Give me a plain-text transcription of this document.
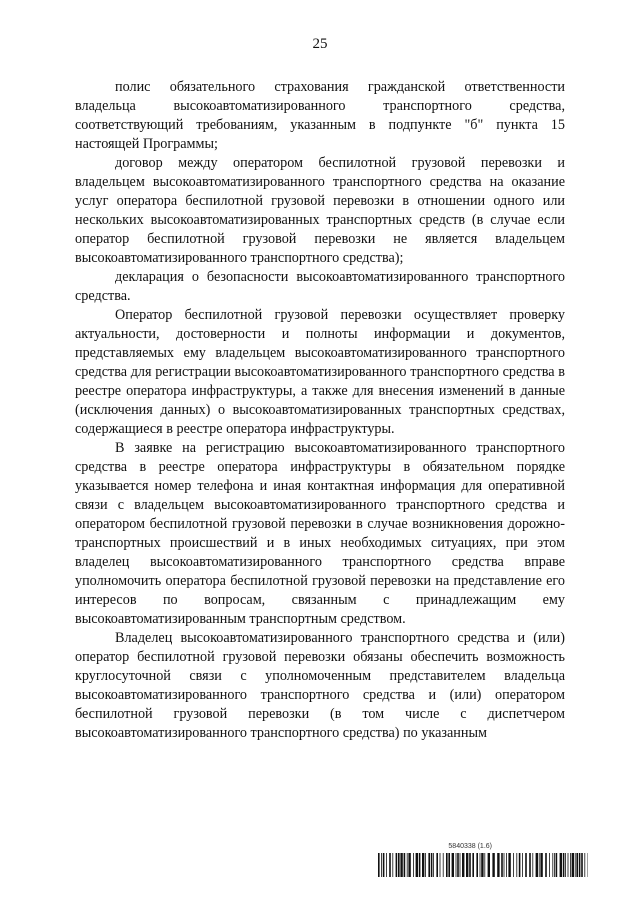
25

полис обязательного страхования гражданской ответственности владельца высокоавтоматизированного транспортного средства, соответствующий требованиям, указанным в подпункте "б" пункта 15 настоящей Программы;

договор между оператором беспилотной грузовой перевозки и владельцем высокоавтоматизированного транспортного средства на оказание услуг оператора беспилотной грузовой перевозки в отношении одного или нескольких высокоавтоматизированных транспортных средств (в случае если оператор беспилотной грузовой перевозки не является владельцем высокоавтоматизированного транспортного средства);

декларация о безопасности высокоавтоматизированного транспортного средства.

Оператор беспилотной грузовой перевозки осуществляет проверку актуальности, достоверности и полноты информации и документов, представляемых ему владельцем высокоавтоматизированного транспортного средства для регистрации высокоавтоматизированного транспортного средства в реестре оператора инфраструктуры, а также для внесения изменений в данные (исключения данных) о высокоавтоматизированных транспортных средствах, содержащиеся в реестре оператора инфраструктуры.

В заявке на регистрацию высокоавтоматизированного транспортного средства в реестре оператора инфраструктуры в обязательном порядке указывается номер телефона и иная контактная информация для оперативной связи с владельцем высокоавтоматизированного транспортного средства и оператором беспилотной грузовой перевозки в случае возникновения дорожно-транспортных происшествий и в иных необходимых ситуациях, при этом владелец высокоавтоматизированного транспортного средства вправе уполномочить оператора беспилотной грузовой перевозки на представление его интересов по вопросам, связанным с принадлежащим ему высокоавтоматизированным транспортным средством.

Владелец высокоавтоматизированного транспортного средства и (или) оператор беспилотной грузовой перевозки обязаны обеспечить возможность круглосуточной связи с уполномоченным представителем владельца высокоавтоматизированного транспортного средства и (или) оператором беспилотной грузовой перевозки (в том числе с диспетчером высокоавтоматизированного транспортного средства) по указанным

5840338 (1.6)
